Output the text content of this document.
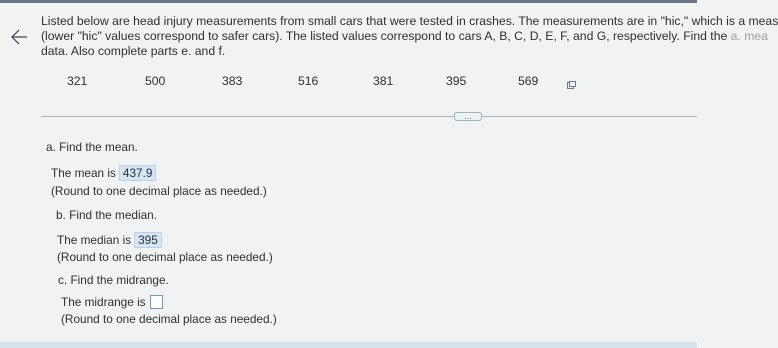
Listed below are head injury measurements from small cars that were tested in crashes. The measurements are in "hic," which is a meas
(lower "hic" values correspond to safer cars). The listed values correspond to cars A, B, C, D, E, F, and G, respectively. Find the a. mea
data. Also complete parts e. and f.
321	500	383	516	381	395	569
...
a. Find the mean.
The mean is 437.9
(Round to one decimal place as needed.)
b. Find the median.
The median is 395
(Round to one decimal place as needed.)
c. Find the midrange.
The midrange is
(Round to one decimal place as needed.)
